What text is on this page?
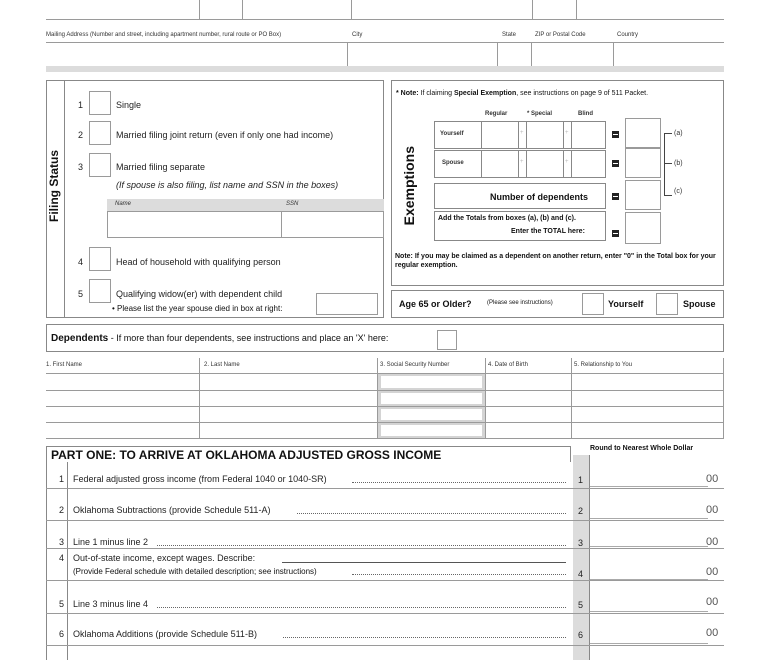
Mailing Address (Number and street, including apartment number, rural route or PO Box)	City	State	ZIP or Postal Code	Country
Filing Status
1	Single
2	Married filing joint return (even if only one had income)
3	Married filing separate
(If spouse is also filing, list name and SSN in the boxes)
Name	SSN
4	Head of household with qualifying person
5	Qualifying widow(er) with dependent child
• Please list the year spouse died in box at right:
* Note: If claiming Special Exemption, see instructions on page 9 of 511 Packet.
Exemptions
Regular	* Special	Blind
Yourself	+	+
Spouse	+	+
Number of dependents
(a)
(b)
(c)
Add the Totals from boxes (a), (b) and (c).
Enter the TOTAL here:
Note: If you may be claimed as a dependent on another return, enter "0" in the Total box for your regular exemption.
Age 65 or Older?	(Please see instructions)	Yourself	Spouse
Dependents - If more than four dependents, see instructions and place an 'X' here:
1. First Name	2. Last Name	3. Social Security Number	4. Date of Birth	5. Relationship to You
PART ONE: TO ARRIVE AT OKLAHOMA ADJUSTED GROSS INCOME	Round to Nearest Whole Dollar
1 Federal adjusted gross income (from Federal 1040 or 1040-SR)	1	00
2 Oklahoma Subtractions (provide Schedule 511-A)	2	00
3 Line 1 minus line 2	3	00
4 Out-of-state income, except wages. Describe:
(Provide Federal schedule with detailed description; see instructions)	4	00
5 Line 3 minus line 4	5	00
6 Oklahoma Additions (provide Schedule 511-B)	6	00
